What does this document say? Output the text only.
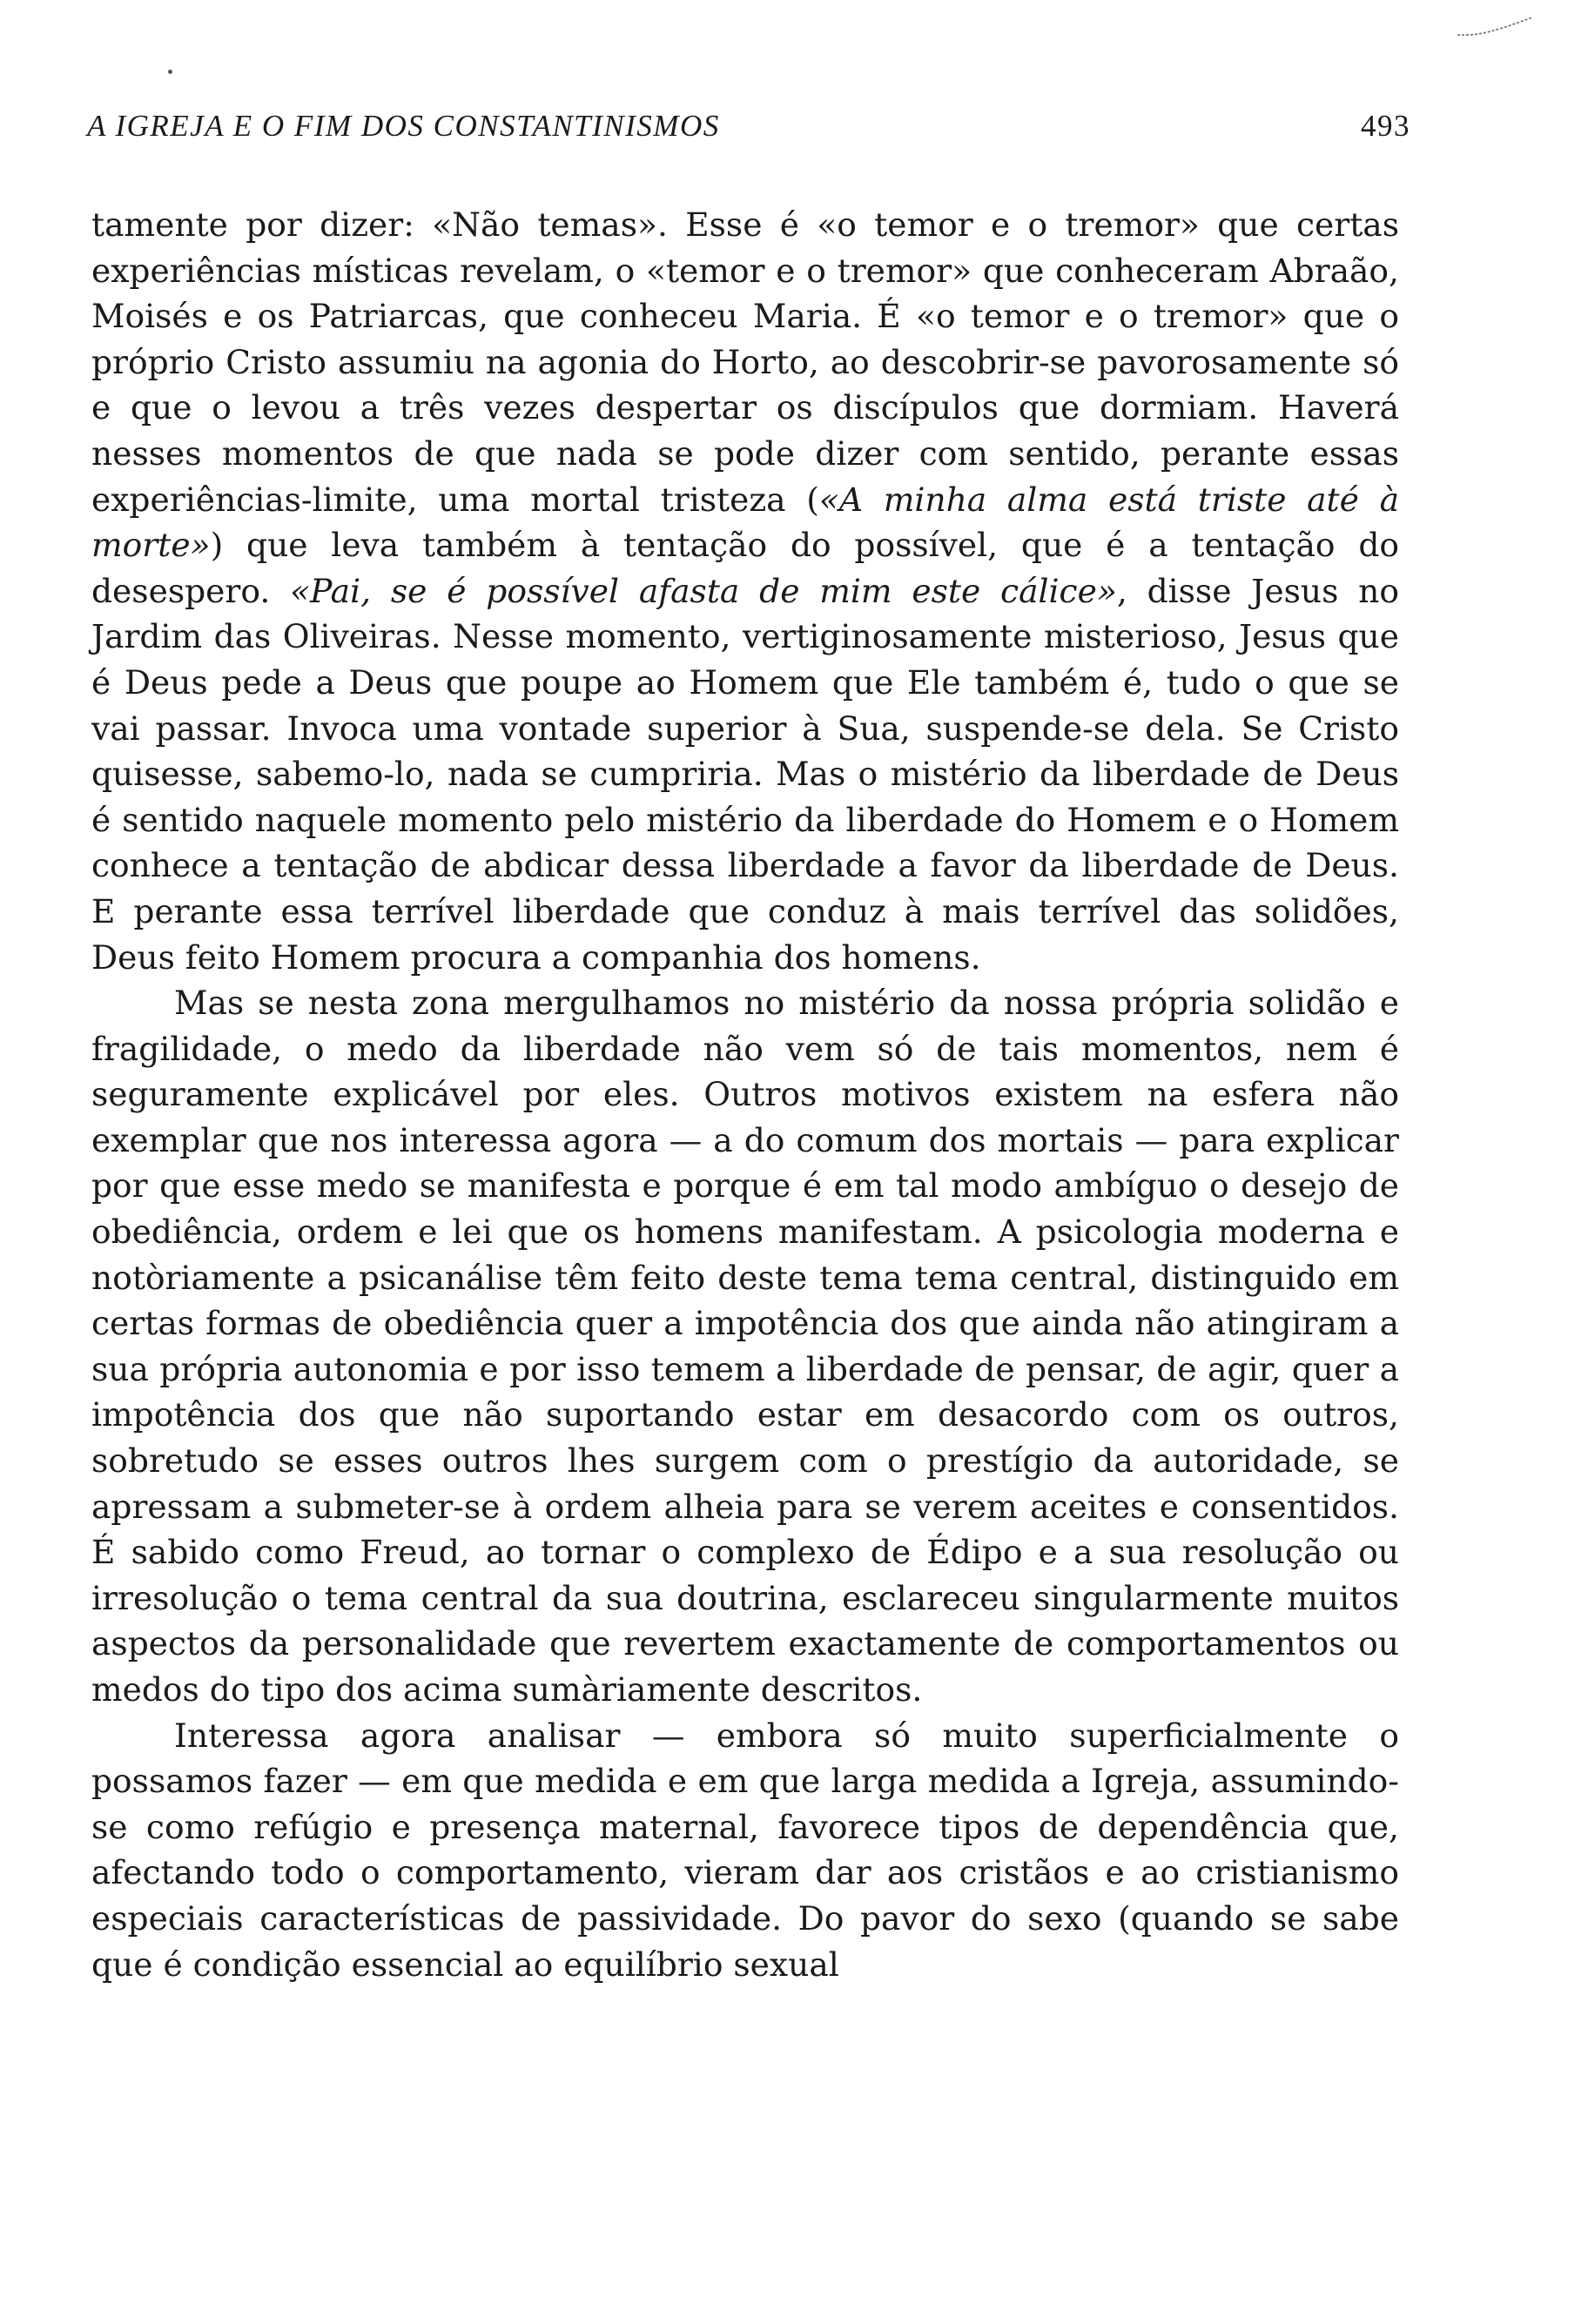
A IGREJA E O FIM DOS CONSTANTINISMOS	493

tamente por dizer: «Não temas». Esse é «o temor e o tremor» que certas experiências místicas revelam, o «temor e o tremor» que conheceram Abraão, Moisés e os Patriarcas, que conheceu Maria. É «o temor e o tremor» que o próprio Cristo assumiu na agonia do Horto, ao descobrir-se pavorosamente só e que o levou a três vezes despertar os discípulos que dormiam. Haverá nesses momentos de que nada se pode dizer com sentido, perante essas experiências-limite, uma mortal tristeza («A minha alma está triste até à morte») que leva também à tentação do possível, que é a tentação do desespero. «Pai, se é possível afasta de mim este cálice», disse Jesus no Jardim das Oliveiras. Nesse momento, vertiginosamente misterioso, Jesus que é Deus pede a Deus que poupe ao Homem que Ele também é, tudo o que se vai passar. Invoca uma vontade superior à Sua, suspende-se dela. Se Cristo quisesse, sabemo-lo, nada se cumpriria. Mas o mistério da liberdade de Deus é sentido naquele momento pelo mistério da liberdade do Homem e o Homem conhece a tentação de abdicar dessa liberdade a favor da liberdade de Deus. E perante essa terrível liberdade que conduz à mais terrível das solidões, Deus feito Homem procura a companhia dos homens.

Mas se nesta zona mergulhamos no mistério da nossa própria solidão e fragilidade, o medo da liberdade não vem só de tais momentos, nem é seguramente explicável por eles. Outros motivos existem na esfera não exemplar que nos interessa agora — a do comum dos mortais — para explicar por que esse medo se manifesta e porque é em tal modo ambíguo o desejo de obediência, ordem e lei que os homens manifestam. A psicologia moderna e notòriamente a psicanálise têm feito deste tema tema central, distinguido em certas formas de obediência quer a impotência dos que ainda não atingiram a sua própria autonomia e por isso temem a liberdade de pensar, de agir, quer a impotência dos que não suportando estar em desacordo com os outros, sobretudo se esses outros lhes surgem com o prestígio da autoridade, se apressam a submeter-se à ordem alheia para se verem aceites e consentidos. É sabido como Freud, ao tornar o complexo de Édipo e a sua resolução ou irresolução o tema central da sua doutrina, esclareceu singularmente muitos aspectos da personalidade que revertem exactamente de comportamentos ou medos do tipo dos acima sumàriamente descritos.

Interessa agora analisar — embora só muito superficialmente o possamos fazer — em que medida e em que larga medida a Igreja, assumindo-se como refúgio e presença maternal, favorece tipos de dependência que, afectando todo o comportamento, vieram dar aos cristãos e ao cristianismo especiais características de passividade. Do pavor do sexo (quando se sabe que é condição essencial ao equilíbrio sexual
